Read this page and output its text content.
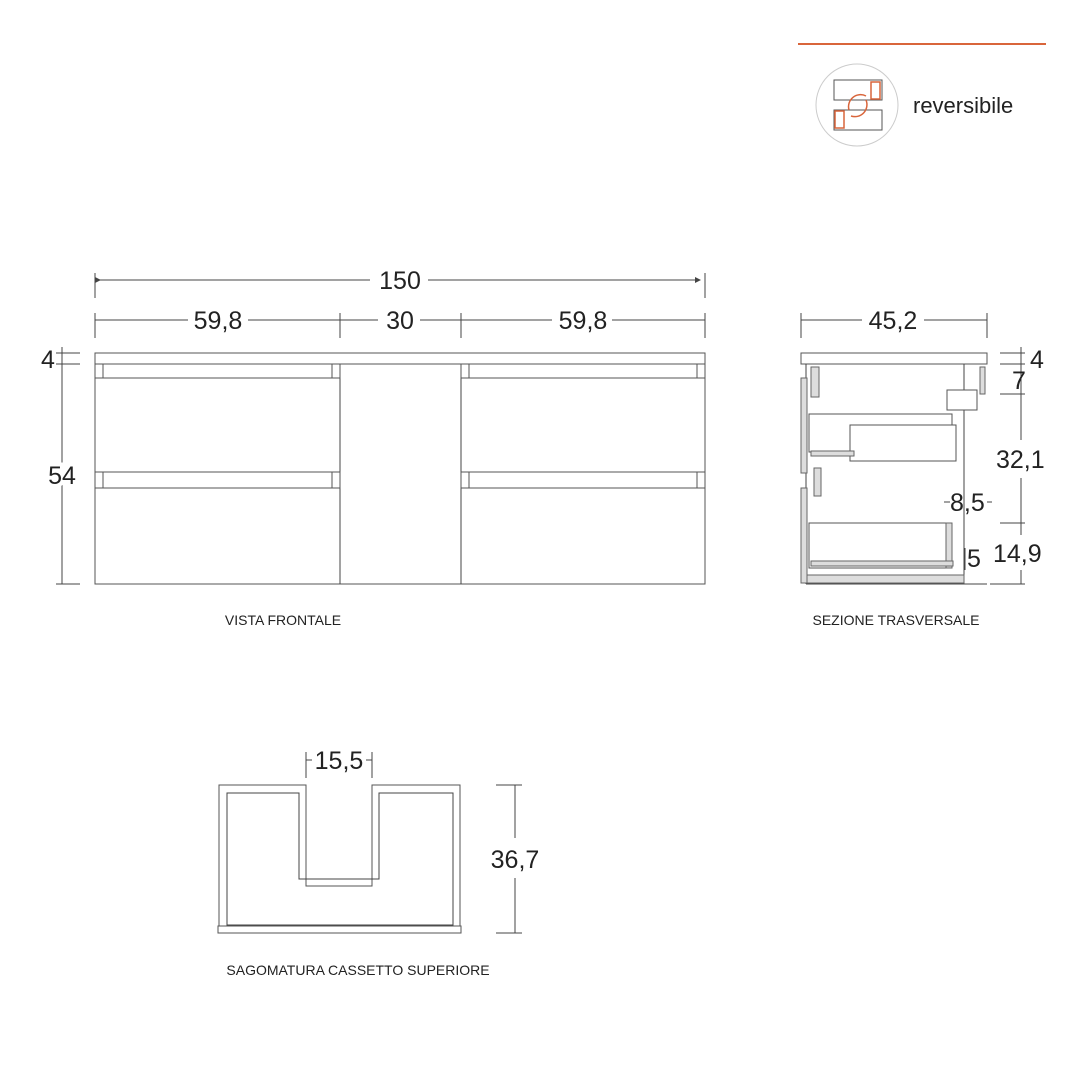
reversibile
150
59,8	30	59,8
4
54
VISTA FRONTALE
45,2
4
7
32,1
8,5
14,9
5
SEZIONE TRASVERSALE
15,5
36,7
SAGOMATURA CASSETTO SUPERIORE
